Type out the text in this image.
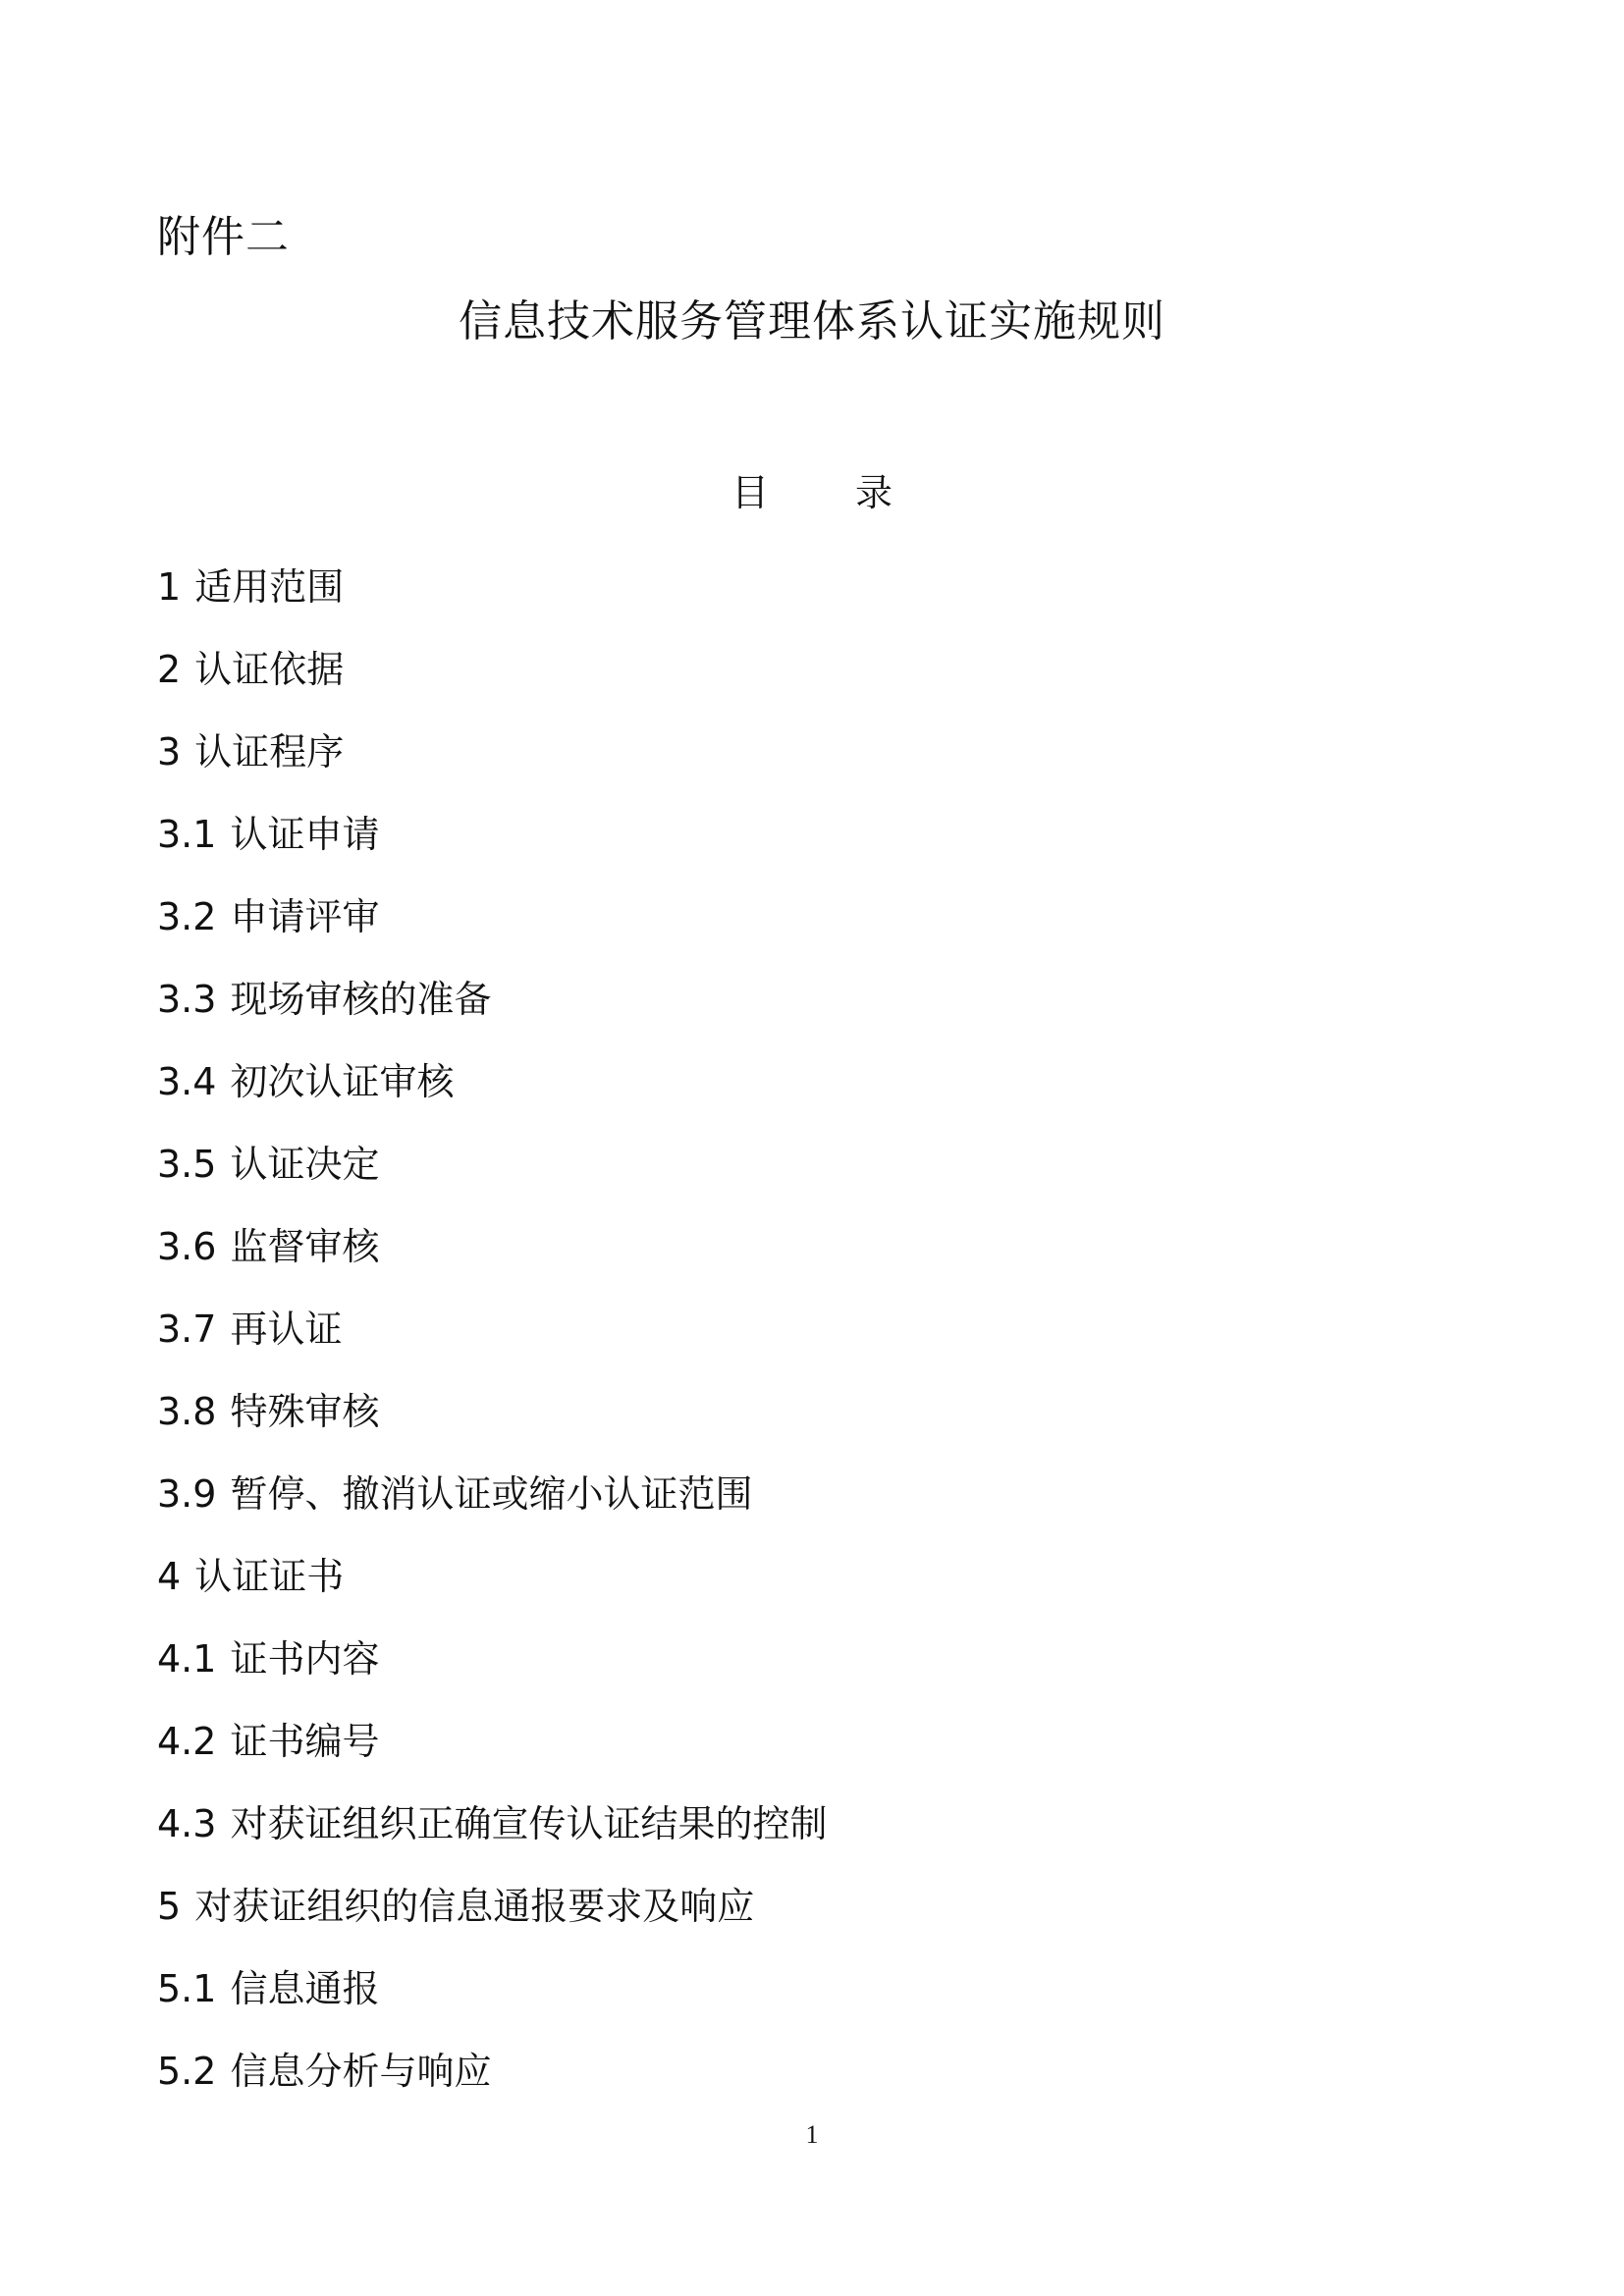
附件二
信息技术服务管理体系认证实施规则
目 录
1 适用范围
2 认证依据
3 认证程序
3.1 认证申请
3.2 申请评审
3.3 现场审核的准备
3.4 初次认证审核
3.5 认证决定
3.6 监督审核
3.7 再认证
3.8 特殊审核
3.9 暂停、撤消认证或缩小认证范围
4 认证证书
4.1 证书内容
4.2 证书编号
4.3 对获证组织正确宣传认证结果的控制
5 对获证组织的信息通报要求及响应
5.1 信息通报
5.2 信息分析与响应
1
